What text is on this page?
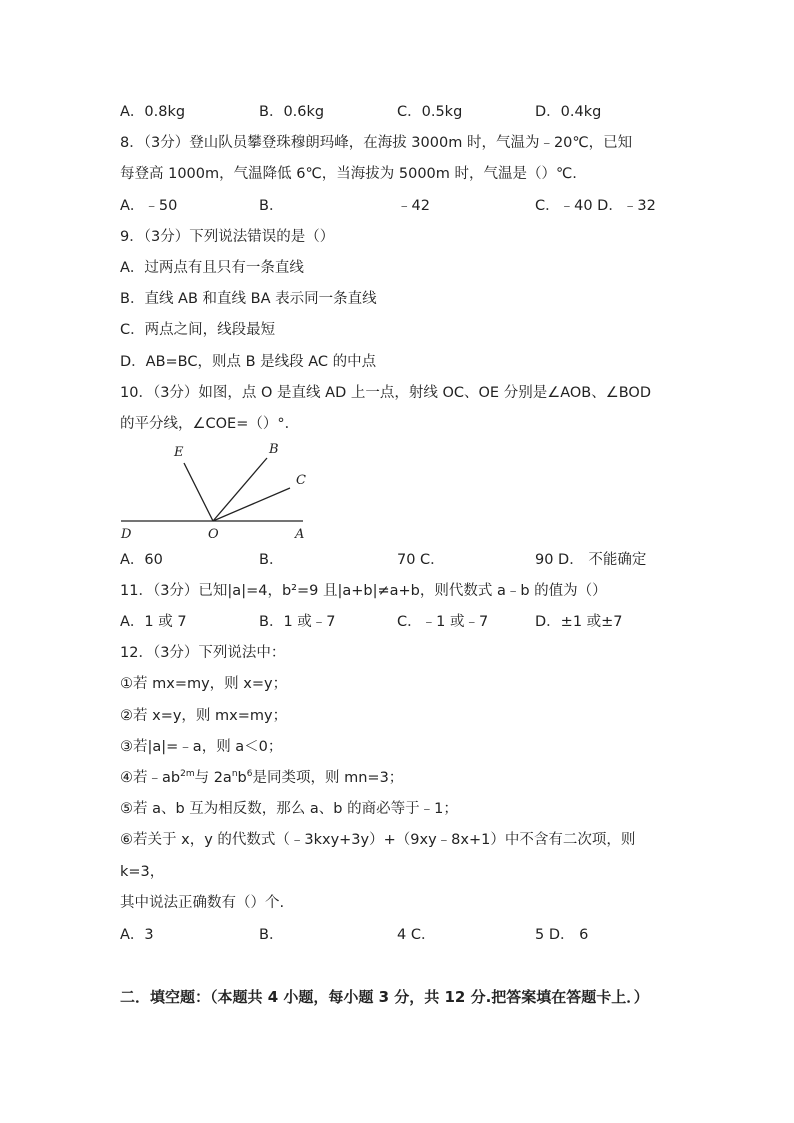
A．0.8kg	B．0.6kg	C．0.5kg	D．0.4kg
8．（3分）登山队员攀登珠穆朗玛峰，在海拔 3000m 时，气温为﹣20℃，已知
每登高 1000m，气温降低 6℃，当海拔为 5000m 时，气温是（）℃.
A．﹣50	B．	﹣42	C．﹣40 D．﹣32
9．（3分）下列说法错误的是（）
A．过两点有且只有一条直线
B．直线 AB 和直线 BA 表示同一条直线
C．两点之间，线段最短
D．AB=BC，则点 B 是线段 AC 的中点
10．（3分）如图，点 O 是直线 AD 上一点，射线 OC、OE 分别是∠AOB、∠BOD
的平分线，∠COE=（）°．
E	B
C
D	O	A
A．60	B．	70 C．	90 D． 不能确定
11．（3分）已知|a|=4，b²=9 且|a+b|≠a+b，则代数式 a﹣b 的值为（）
A．1 或 7	B．1 或﹣7	C．﹣1 或﹣7	D．±1 或±7
12．（3分）下列说法中：
①若 mx=my，则 x=y；
②若 x=y，则 mx=my；
③若|a|=﹣a，则 a＜0；
④若$﹣ab^{2m}$与 $2a^nb^6$是同类项，则 mn=3；
⑤若 a、b 互为相反数，那么 a、b 的商必等于﹣1；
⑥若关于 x，y 的代数式（﹣3kxy+3y）+（9xy﹣8x+1）中不含有二次项，则
k=3，
其中说法正确数有（）个.
A．3	B．	4 C．	5 D． 6
二．填空题：（本题共 4 小题，每小题 3 分，共 12 分.把答案填在答题卡上．）
